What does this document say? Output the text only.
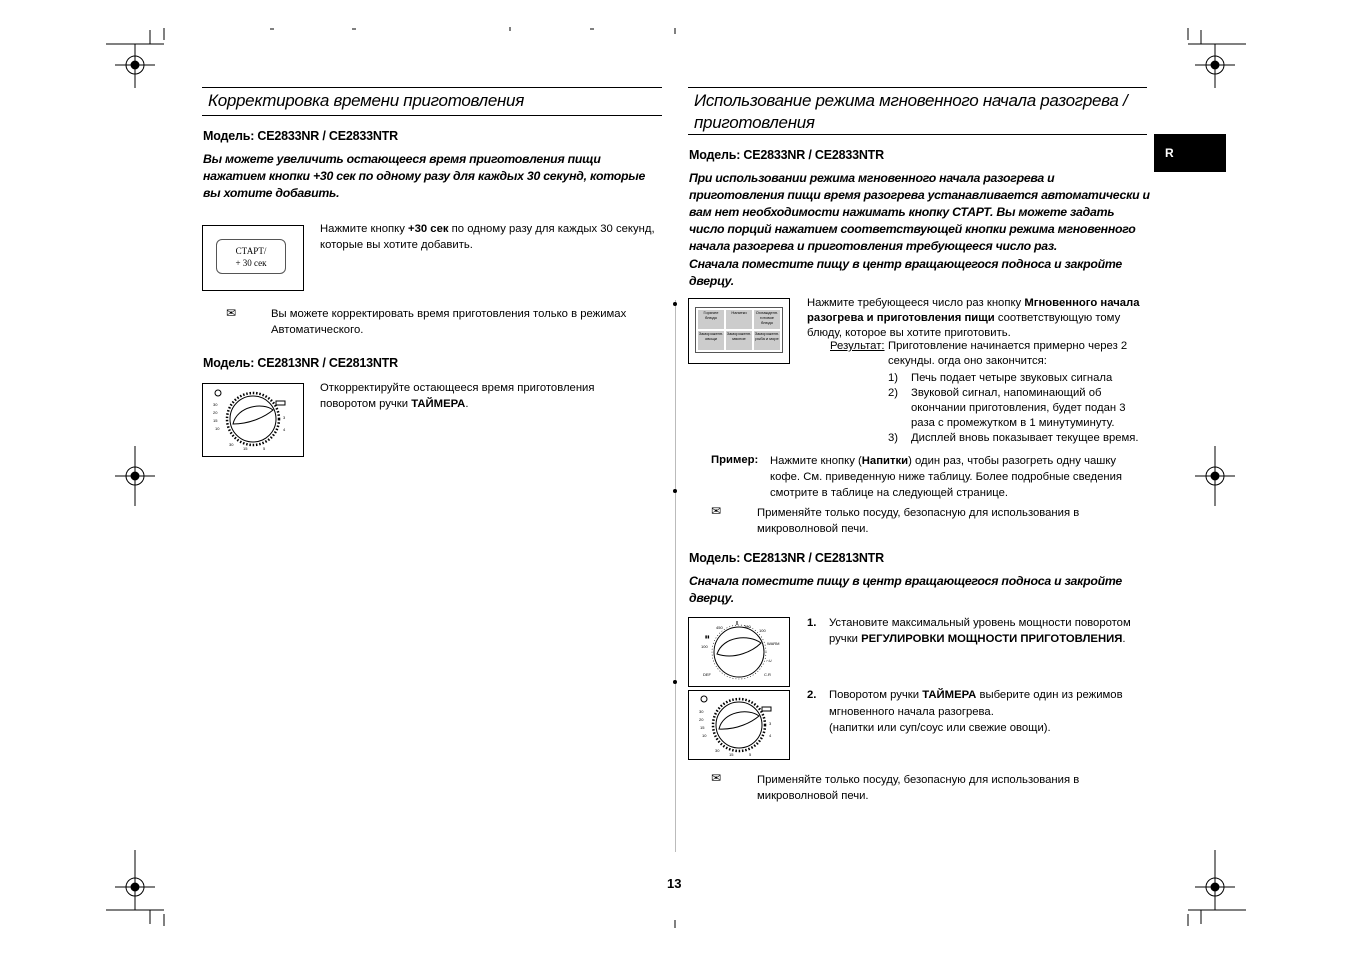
Корректировка времени приготовления
Модель: CE2833NR / CE2833NTR
Вы можете увеличить остающееся время приготовления пищи нажатием кнопки +30 сек по одному разу для каждых 30 секунд, которые вы хотите добавить.
СТАРТ/
+ 30 сек
Нажмите кнопку +30 сек по одному разу для каждых 30 секунд, которые вы хотите добавить.
✉	Вы можете корректировать время приготовления только в режимах Автоматического.
Модель: CE2813NR / CE2813NTR
30
20
15
10
30
15	5
4
3
Откорректируйте остающееся время приготовления поворотом ручки ТАЙМЕРА.
Использование режима мгновенного начала разогрева / приготовления
R
Модель: CE2833NR / CE2833NTR
При использовании режима мгновенного начала разогрева и приготовления пищи время разогрева устанавливается автоматически и вам нет необходимости нажимать кнопку СТАРТ. Вы можете задать число порций нажатием соответствующей кнопки режима мгновенного начала разогрева и приготовления требующееся число раз.
Сначала поместите пищу в центр вращающегося подноса и закройте дверцу.
Горячее блюдо
Напитки	Охлажденн. готовое блюдо
Замороженн. овощи
Замороженн. мясное
Замороженн. рыба и море
Нажмите требующееся число раз кнопку Мгновенного начала разогрева и приготовления пищи соответствующую тому блюду, которое вы хотите приготовить.
Результат: Приготовление начинается примерно через 2 секунды. огда оно закончится:
1) Печь подает четыре звуковых сигнала
2) Звуковой сигнал, напоминающий об окончании приготовления, будет подан 3 раза с промежутком в 1 минутуминуту.
3) Дисплей вновь показывает текущее время.
Пример: Нажмите кнопку (Напитки) один раз, чтобы разогреть одну чашку кофе. См. приведенную ниже таблицу. Более подробные сведения смотрите в таблице на следующей странице.
✉	Применяйте только посуду, безопасную для использования в микроволновой печи.
Модель: CE2813NR / CE2813NTR
Сначала поместите пищу в центр вращающегося подноса и закройте дверцу.
300
450
100
WARM
100
DEF	C.R
∩∪
▮▮
1. Установите максимальный уровень мощности поворотом ручки РЕГУЛИРОВКИ МОЩНОСТИ ПРИГОТОВЛЕНИЯ.
30
20
15
10
30
15	5
4
3
2. Поворотом ручки ТАЙМЕРА выберите один из режимов мгновенного начала разогрева.
(напитки или суп/соус или свежие овощи).
✉	Применяйте только посуду, безопасную для использования в микроволновой печи.
13
